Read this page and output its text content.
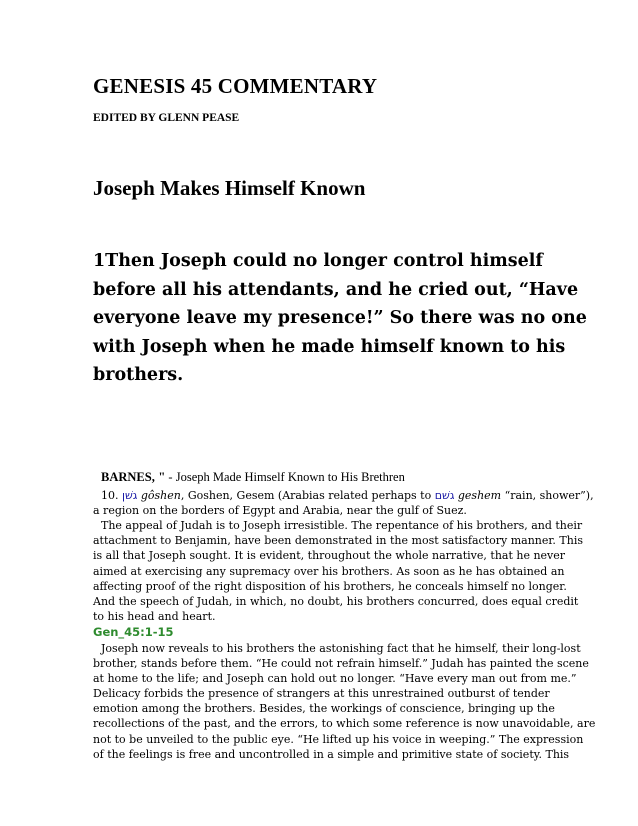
GENESIS 45 COMMENTARY
EDITED BY GLENN PEASE
Joseph Makes Himself Known

1Then Joseph could no longer control himself

before all his attendants, and he cried out, “Have

everyone leave my presence!” So there was no one

with Joseph when he made himself known to his

brothers.

BARNES, " - Joseph Made Himself Known to His Brethren

10. גשׁן gôshen, Goshen, Gesem (Arabias related perhaps to גשׁם geshem “rain, shower”),

a region on the borders of Egypt and Arabia, near the gulf of Suez.

The appeal of Judah is to Joseph irresistible. The repentance of his brothers, and their

attachment to Benjamin, have been demonstrated in the most satisfactory manner. This

is all that Joseph sought. It is evident, throughout the whole narrative, that he never

aimed at exercising any supremacy over his brothers. As soon as he has obtained an

affecting proof of the right disposition of his brothers, he conceals himself no longer.

And the speech of Judah, in which, no doubt, his brothers concurred, does equal credit

to his head and heart.

Gen_45:1-15

Joseph now reveals to his brothers the astonishing fact that he himself, their long-lost

brother, stands before them. “He could not refrain himself.” Judah has painted the scene

at home to the life; and Joseph can hold out no longer. “Have every man out from me.”

Delicacy forbids the presence of strangers at this unrestrained outburst of tender

emotion among the brothers. Besides, the workings of conscience, bringing up the

recollections of the past, and the errors, to which some reference is now unavoidable, are

not to be unveiled to the public eye. “He lifted up his voice in weeping.” The expression

of the feelings is free and uncontrolled in a simple and primitive state of society. This
